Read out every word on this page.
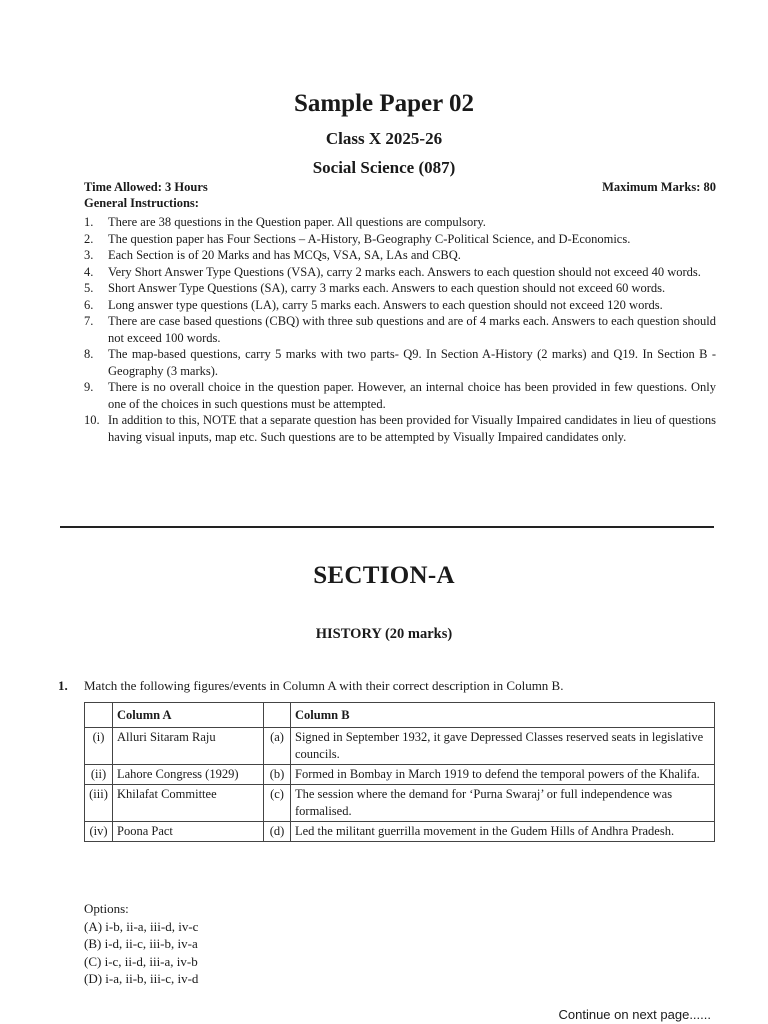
Sample Paper 02
Class X 2025-26
Social Science (087)
Time Allowed: 3 Hours	Maximum Marks: 80
General Instructions:
1. There are 38 questions in the Question paper. All questions are compulsory.
2. The question paper has Four Sections – A-History, B-Geography C-Political Science, and D-Economics.
3. Each Section is of 20 Marks and has MCQs, VSA, SA, LAs and CBQ.
4. Very Short Answer Type Questions (VSA), carry 2 marks each. Answers to each question should not exceed 40 words.
5. Short Answer Type Questions (SA), carry 3 marks each. Answers to each question should not exceed 60 words.
6. Long answer type questions (LA), carry 5 marks each. Answers to each question should not exceed 120 words.
7. There are case based questions (CBQ) with three sub questions and are of 4 marks each. Answers to each question should not exceed 100 words.
8. The map-based questions, carry 5 marks with two parts- Q9. In Section A-History (2 marks) and Q19. In Section B -Geography (3 marks).
9. There is no overall choice in the question paper. However, an internal choice has been provided in few questions. Only one of the choices in such questions must be attempted.
10. In addition to this, NOTE that a separate question has been provided for Visually Impaired candidates in lieu of questions having visual inputs, map etc. Such questions are to be attempted by Visually Impaired candidates only.
SECTION-A
HISTORY (20 marks)
1. Match the following figures/events in Column A with their correct description in Column B.
	Column A		Column B
(i)	Alluri Sitaram Raju	(a)	Signed in September 1932, it gave Depressed Classes reserved seats in legislative councils.
(ii)	Lahore Congress (1929)	(b)	Formed in Bombay in March 1919 to defend the temporal powers of the Khalifa.
(iii)	Khilafat Committee	(c)	The session where the demand for ‘Purna Swaraj’ or full independence was formalised.
(iv)	Poona Pact	(d)	Led the militant guerrilla movement in the Gudem Hills of Andhra Pradesh.
Options:
(A) i-b, ii-a, iii-d, iv-c
(B) i-d, ii-c, iii-b, iv-a
(C) i-c, ii-d, iii-a, iv-b
(D) i-a, ii-b, iii-c, iv-d
Continue on next page......
